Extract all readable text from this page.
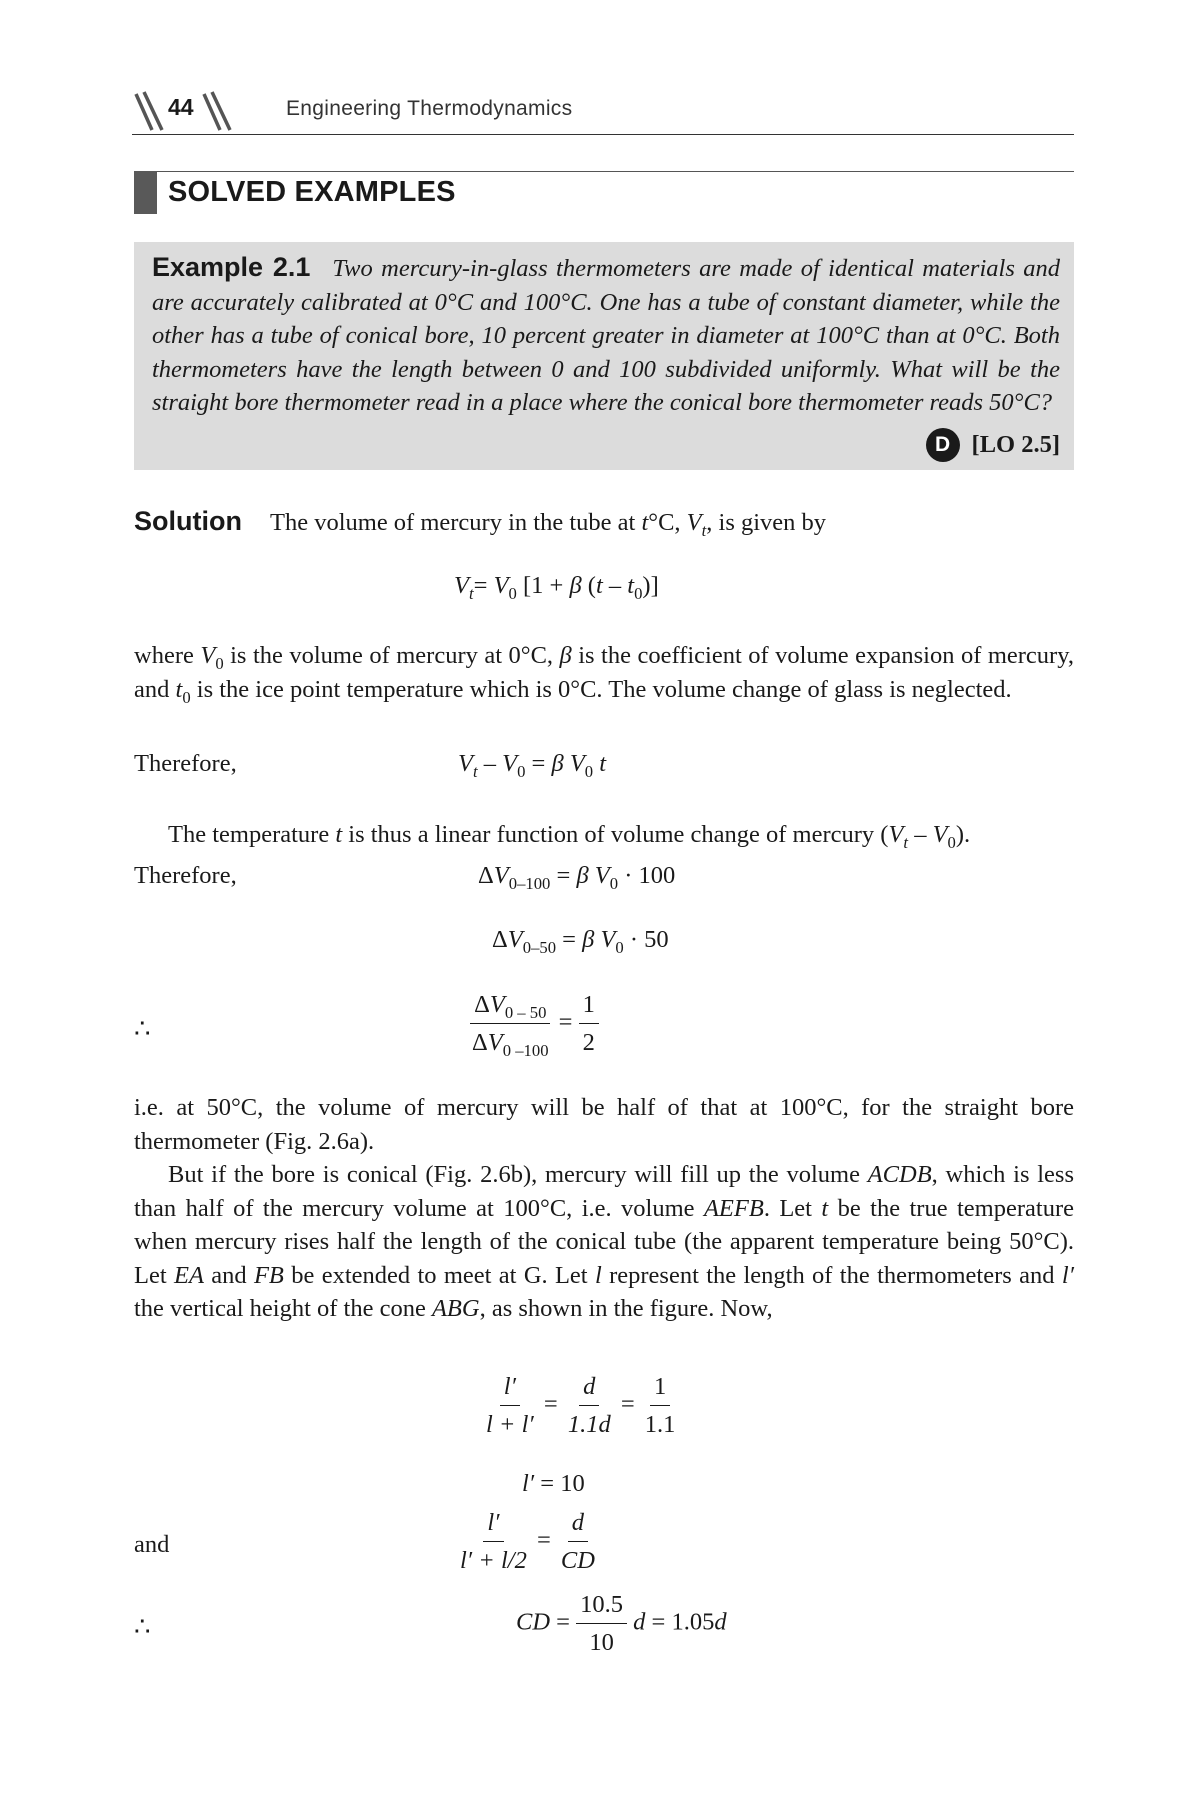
44	Engineering Thermodynamics
SOLVED EXAMPLES
Example 2.1 Two mercury-in-glass thermometers are made of identical materials and are accurately calibrated at 0°C and 100°C. One has a tube of constant diameter, while the other has a tube of conical bore, 10 percent greater in diameter at 100°C than at 0°C. Both thermometers have the length between 0 and 100 subdivided uniformly. What will be the straight bore thermometer read in a place where the conical bore thermometer reads 50°C?
D [LO 2.5]
Solution The volume of mercury in the tube at t°C, $V_t$, is given by
$V_t= V_0$ [1 + β $(t - t_0)$]
where $V_0$ is the volume of mercury at 0°C, β is the coefficient of volume expansion of mercury, and $t_0$ is the ice point temperature which is 0°C. The volume change of glass is neglected.
Therefore,	$V_t - V_0 = \beta$ $V_0$ t
The temperature t is thus a linear function of volume change of mercury $(V_t - V_0)$.
Therefore,	$\Delta V_{0-100} = \beta$ $V_0 \cdot 100$
$\Delta V_{0-50} = \beta$ $V_0 \cdot 50$
∴	$\frac{\Delta V_{0 - 50}}{\Delta V_{0 -100}} = \frac{1}{2}$
i.e. at 50°C, the volume of mercury will be half of that at 100°C, for the straight bore thermometer (Fig. 2.6a).
But if the bore is conical (Fig. 2.6b), mercury will fill up the volume ACDB, which is less than half of the mercury volume at 100°C, i.e. volume AEFB. Let t be the true temperature when mercury rises half the length of the conical tube (the apparent temperature being 50°C). Let EA and FB be extended to meet at G. Let l represent the length of the thermometers and l′ the vertical height of the cone ABG, as shown in the figure. Now,
$\frac{l'}{l + l'} = \frac{d}{1.1d} = \frac{1}{1.1}$
l′ = 10
and	$\frac{l'}{l' + l/2} = \frac{d}{CD}$
∴	CD = $\frac{10.5}{10}$ d = 1.05d
